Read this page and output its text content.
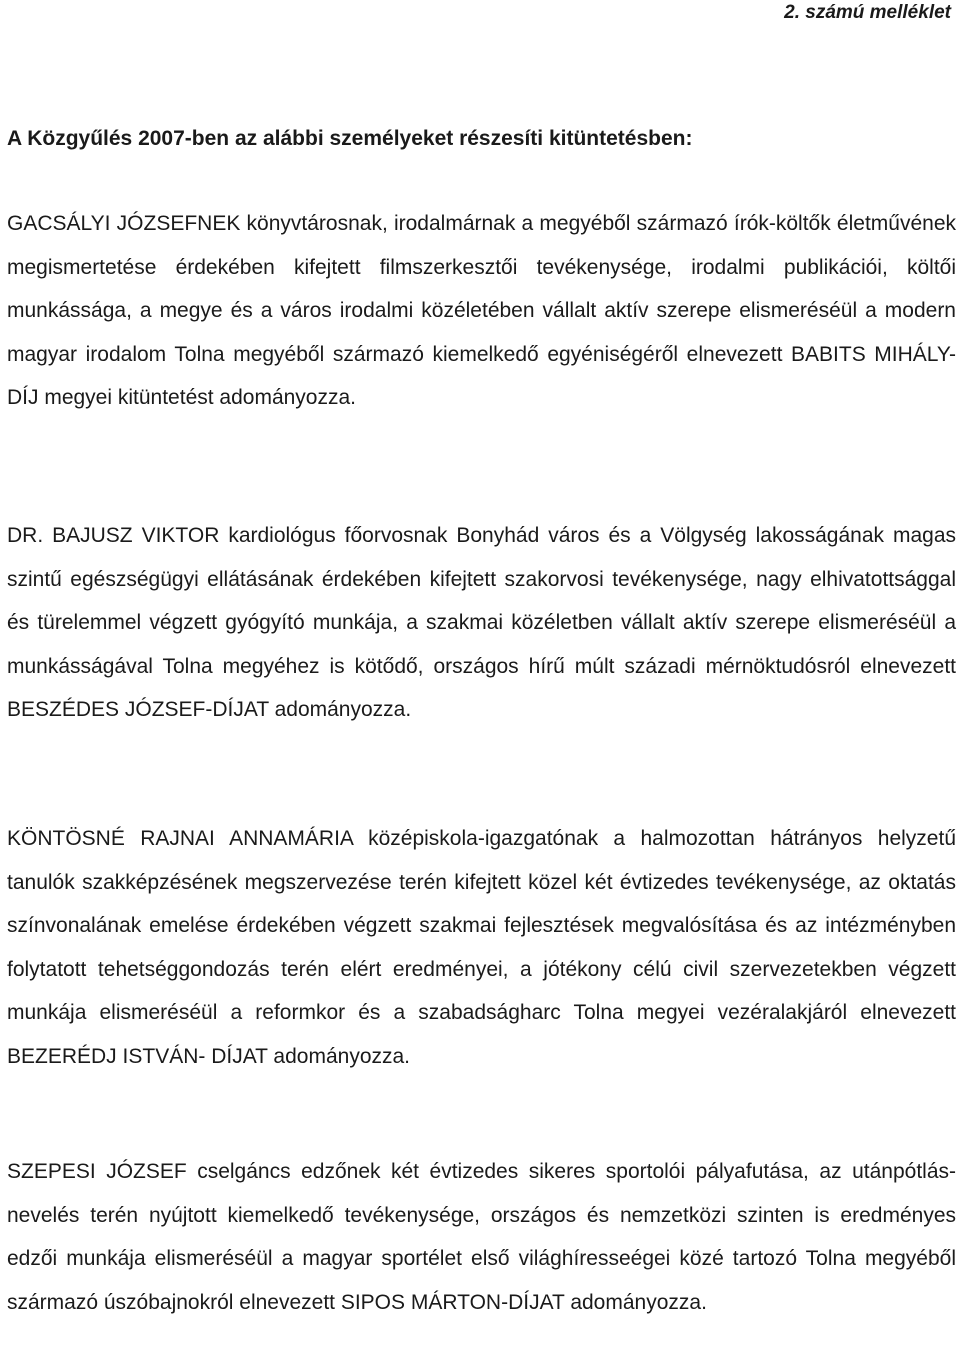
2. számú melléklet

A Közgyűlés 2007-ben az alábbi személyeket részesíti kitüntetésben:

GACSÁLYI JÓZSEFNEK könyvtárosnak, irodalmárnak a megyéből származó írók-költők életművének megismertetése érdekében kifejtett filmszerkesztői tevékenysége, irodalmi publikációi, költői munkássága, a megye és a város irodalmi közéletében vállalt aktív szerepe elismeréséül a modern magyar irodalom Tolna megyéből származó kiemelkedő egyéniségéről elnevezett BABITS MIHÁLY-DÍJ megyei kitüntetést adományozza.

DR. BAJUSZ VIKTOR kardiológus főorvosnak Bonyhád város és a Völgység lakosságának magas szintű egészségügyi ellátásának érdekében kifejtett szakorvosi tevékenysége, nagy elhivatottsággal és türelemmel végzett gyógyító munkája, a szakmai közéletben vállalt aktív szerepe elismeréséül a munkásságával Tolna megyéhez is kötődő, országos hírű múlt századi mérnöktudósról elnevezett BESZÉDES JÓZSEF-DÍJAT adományozza.

KÖNTÖSNÉ RAJNAI ANNAMÁRIA középiskola-igazgatónak a halmozottan hátrányos helyzetű tanulók szakképzésének megszervezése terén kifejtett közel két évtizedes tevékenysége, az oktatás színvonalának emelése érdekében végzett szakmai fejlesztések megvalósítása és az intézményben folytatott tehetséggondozás terén elért eredményei, a jótékony célú civil szervezetekben végzett munkája elismeréséül a reformkor és a szabadságharc Tolna megyei vezéralakjáról elnevezett BEZERÉDJ ISTVÁN- DÍJAT adományozza.

SZEPESI JÓZSEF cselgáncs edzőnek két évtizedes sikeres sportolói pályafutása, az utánpótlás-nevelés terén nyújtott kiemelkedő tevékenysége, országos és nemzetközi szinten is eredményes edzői munkája elismeréséül a magyar sportélet első világhíresseégei közé tartozó Tolna megyéből származó úszóbajnokról elnevezett SIPOS MÁRTON-DÍJAT adományozza.
